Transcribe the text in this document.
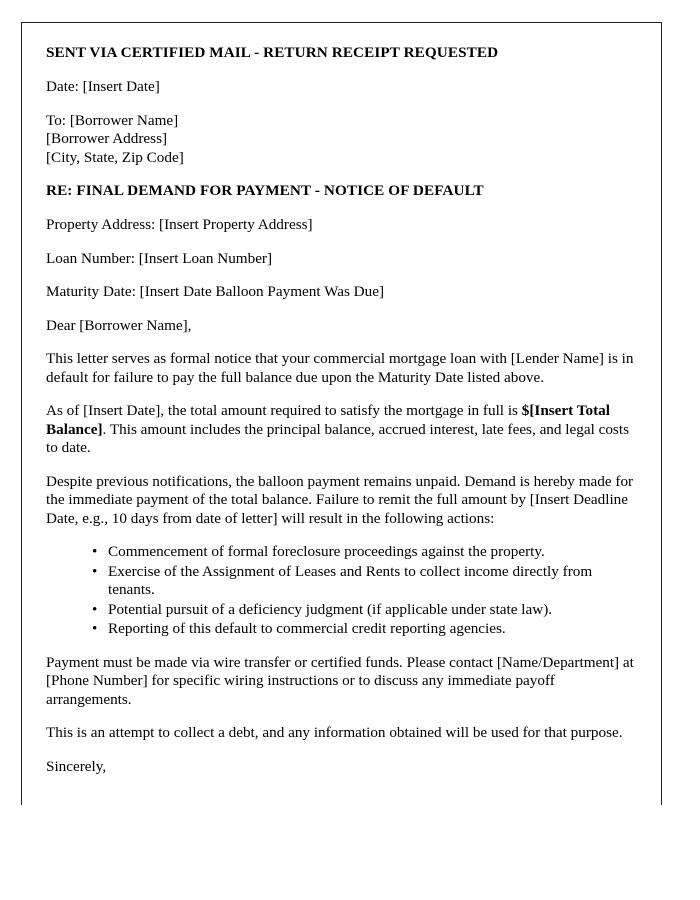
SENT VIA CERTIFIED MAIL - RETURN RECEIPT REQUESTED

Date: [Insert Date]

To: [Borrower Name]
[Borrower Address]
[City, State, Zip Code]

RE: FINAL DEMAND FOR PAYMENT - NOTICE OF DEFAULT

Property Address: [Insert Property Address]

Loan Number: [Insert Loan Number]

Maturity Date: [Insert Date Balloon Payment Was Due]

Dear [Borrower Name],

This letter serves as formal notice that your commercial mortgage loan with [Lender Name] is in default for failure to pay the full balance due upon the Maturity Date listed above.

As of [Insert Date], the total amount required to satisfy the mortgage in full is $[Insert Total Balance]. This amount includes the principal balance, accrued interest, late fees, and legal costs to date.

Despite previous notifications, the balloon payment remains unpaid. Demand is hereby made for the immediate payment of the total balance. Failure to remit the full amount by [Insert Deadline Date, e.g., 10 days from date of letter] will result in the following actions:

• Commencement of formal foreclosure proceedings against the property.
• Exercise of the Assignment of Leases and Rents to collect income directly from tenants.
• Potential pursuit of a deficiency judgment (if applicable under state law).
• Reporting of this default to commercial credit reporting agencies.

Payment must be made via wire transfer or certified funds. Please contact [Name/Department] at [Phone Number] for specific wiring instructions or to discuss any immediate payoff arrangements.

This is an attempt to collect a debt, and any information obtained will be used for that purpose.

Sincerely,
